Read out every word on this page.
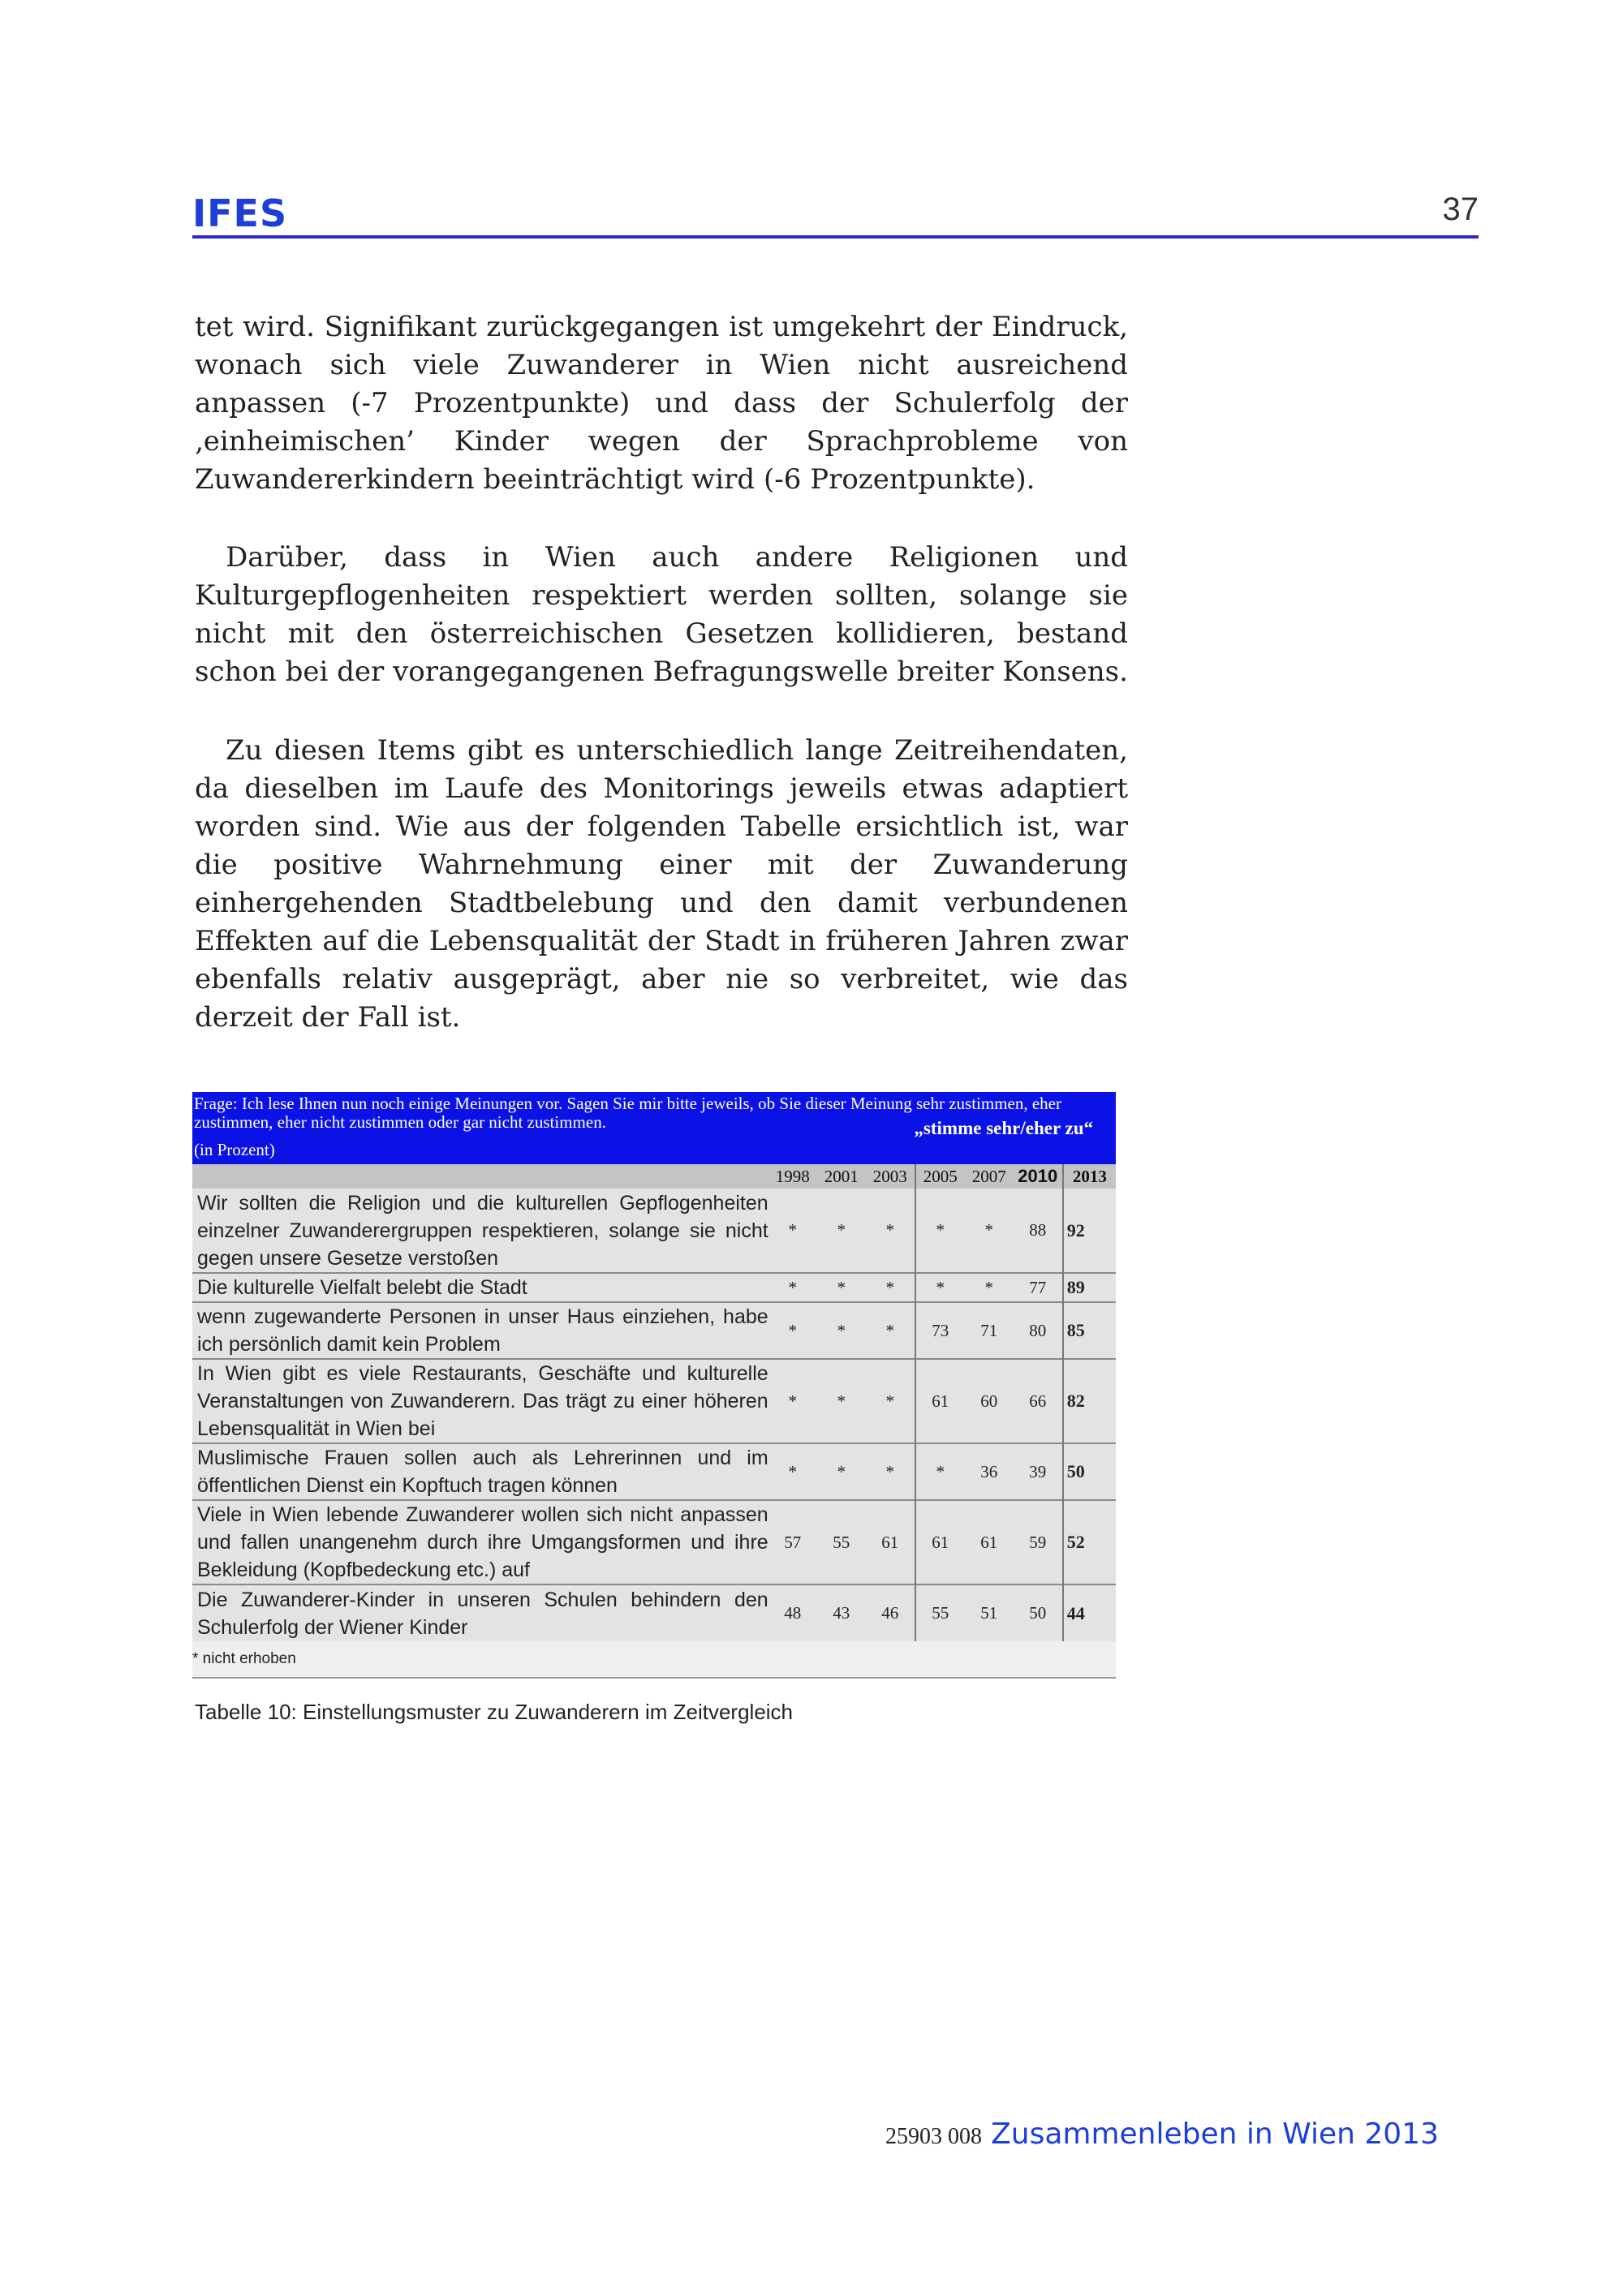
IFES	37

tet wird. Signifikant zurückgegangen ist umgekehrt der Eindruck, wonach sich viele Zuwanderer in Wien nicht ausreichend anpassen (-7 Prozentpunkte) und dass der Schulerfolg der ‚einheimischen’ Kinder wegen der Sprachprobleme von Zuwandererkindern beeinträchtigt wird (-6 Prozentpunkte).

Darüber, dass in Wien auch andere Religionen und Kulturgepflogenheiten respektiert werden sollten, solange sie nicht mit den österreichischen Gesetzen kollidieren, bestand schon bei der vorangegangenen Befragungswelle breiter Konsens.

Zu diesen Items gibt es unterschiedlich lange Zeitreihendaten, da dieselben im Laufe des Monitorings jeweils etwas adaptiert worden sind. Wie aus der folgenden Tabelle ersichtlich ist, war die positive Wahrnehmung einer mit der Zuwanderung einhergehenden Stadtbelebung und den damit verbundenen Effekten auf die Lebensqualität der Stadt in früheren Jahren zwar ebenfalls relativ ausgeprägt, aber nie so verbreitet, wie das derzeit der Fall ist.

Frage: Ich lese Ihnen nun noch einige Meinungen vor. Sagen Sie mir bitte jeweils, ob Sie dieser Meinung sehr zustimmen, eher zustimmen, eher nicht zustimmen oder gar nicht zustimmen.	„stimme sehr/eher zu“
(in Prozent)
	1998	2001	2003	2005	2007	2010	2013
Wir sollten die Religion und die kulturellen Gepflogenheiten einzelner Zuwanderergruppen respektieren, solange sie nicht gegen unsere Gesetze verstoßen	*	*	*	*	*	88	92
Die kulturelle Vielfalt belebt die Stadt	*	*	*	*	*	77	89
wenn zugewanderte Personen in unser Haus einziehen, habe ich persönlich damit kein Problem	*	*	*	73	71	80	85
In Wien gibt es viele Restaurants, Geschäfte und kulturelle Veranstaltungen von Zuwanderern. Das trägt zu einer höheren Lebensqualität in Wien bei	*	*	*	61	60	66	82
Muslimische Frauen sollen auch als Lehrerinnen und im öffentlichen Dienst ein Kopftuch tragen können	*	*	*	*	36	39	50
Viele in Wien lebende Zuwanderer wollen sich nicht anpassen und fallen unangenehm durch ihre Umgangsformen und ihre Bekleidung (Kopfbedeckung etc.) auf	57	55	61	61	61	59	52
Die Zuwanderer-Kinder in unseren Schulen behindern den Schulerfolg der Wiener Kinder	48	43	46	55	51	50	44
* nicht erhoben							
Tabelle 10: Einstellungsmuster zu Zuwanderern im Zeitvergleich
25903 008 Zusammenleben in Wien 2013
